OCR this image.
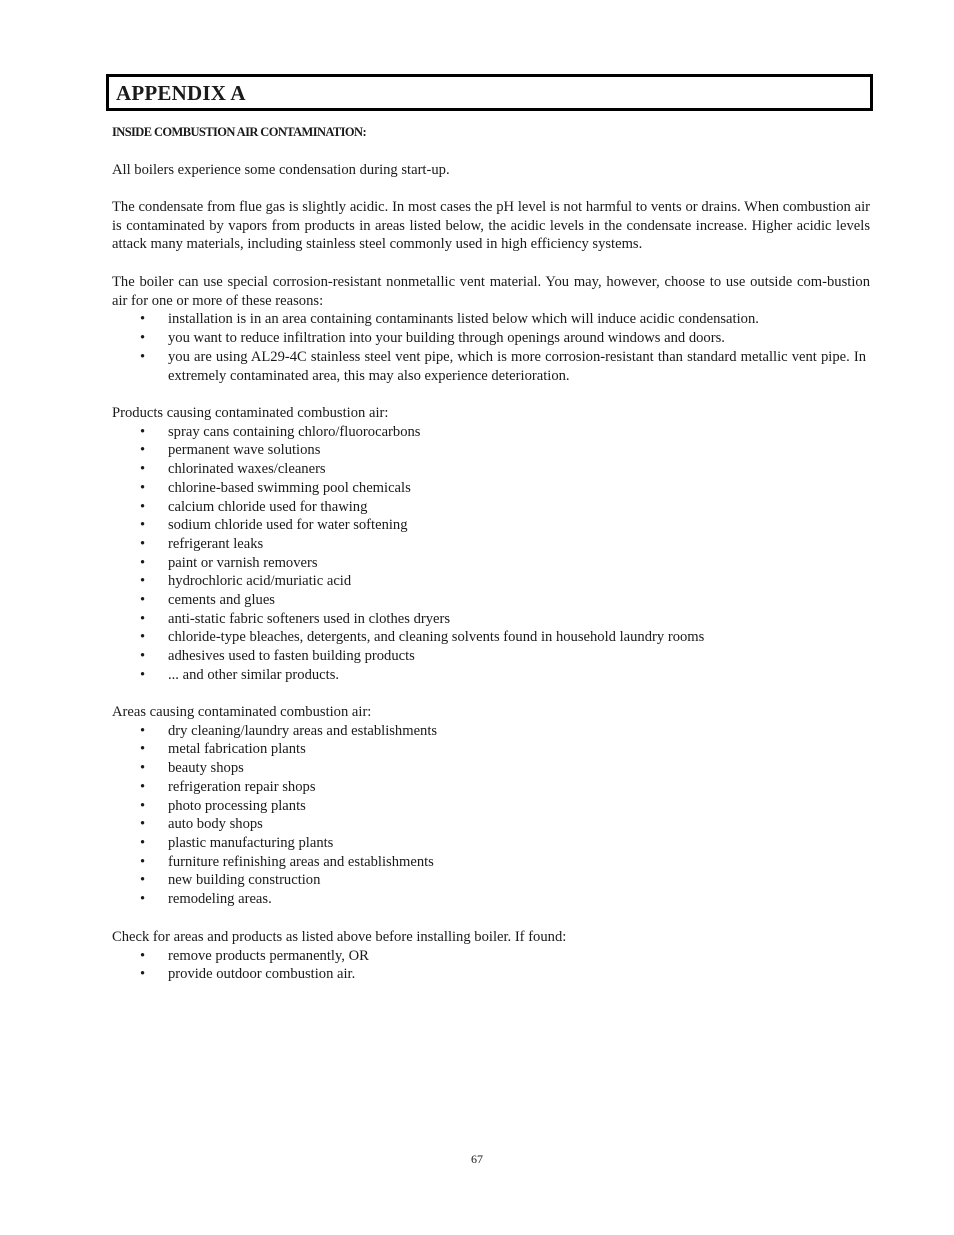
APPENDIX A
INSIDE COMBUSTION AIR CONTAMINATION:

All boilers experience some condensation during start-up.

The condensate from flue gas is slightly acidic. In most cases the pH level is not harmful to vents or drains. When combustion air is contaminated by vapors from products in areas listed below, the acidic levels in the condensate increase. Higher acidic levels attack many materials, including stainless steel commonly used in high efficiency systems.

The boiler can use special corrosion-resistant nonmetallic vent material. You may, however, choose to use outside com-bustion air for one or more of these reasons:

• installation is in an area containing contaminants listed below which will induce acidic condensation.
• you want to reduce infiltration into your building through openings around windows and doors.
• you are using AL29-4C stainless steel vent pipe, which is more corrosion-resistant than standard metallic vent pipe. In extremely contaminated area, this may also experience deterioration.

Products causing contaminated combustion air:

• spray cans containing chloro/fluorocarbons
• permanent wave solutions
• chlorinated waxes/cleaners
• chlorine-based swimming pool chemicals
• calcium chloride used for thawing
• sodium chloride used for water softening
• refrigerant leaks
• paint or varnish removers
• hydrochloric acid/muriatic acid
• cements and glues
• anti-static fabric softeners used in clothes dryers
• chloride-type bleaches, detergents, and cleaning solvents found in household laundry rooms
• adhesives used to fasten building products
• ... and other similar products.

Areas causing contaminated combustion air:

• dry cleaning/laundry areas and establishments
• metal fabrication plants
• beauty shops
• refrigeration repair shops
• photo processing plants
• auto body shops
• plastic manufacturing plants
• furniture refinishing areas and establishments
• new building construction
• remodeling areas.

Check for areas and products as listed above before installing boiler. If found:

• remove products permanently, OR
• provide outdoor combustion air.
67
